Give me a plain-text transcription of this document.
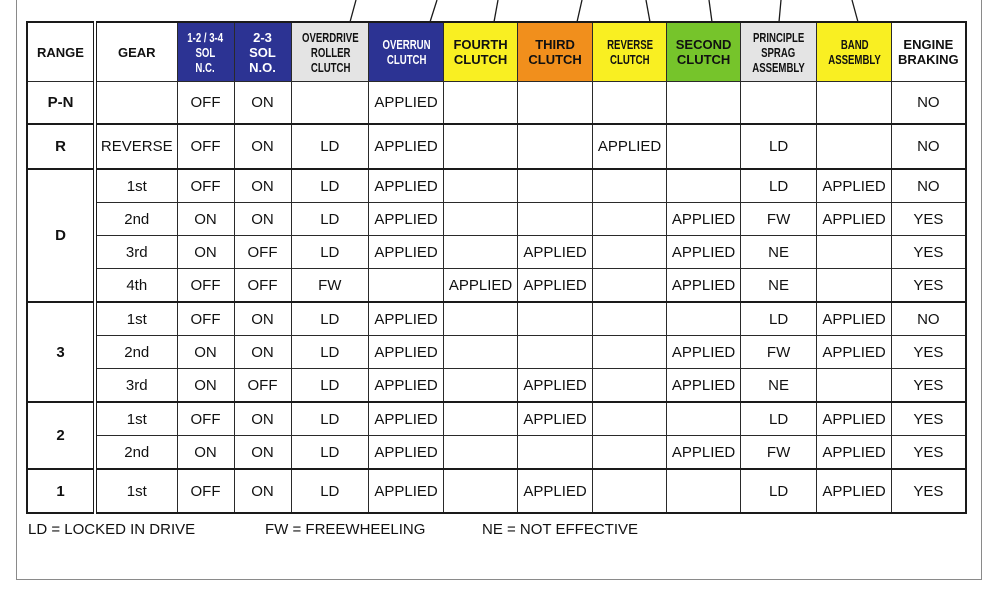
RANGE	GEAR	1-2 / 3-4
SOL
N.C.	2-3
SOL
N.O.	OVERDRIVE
ROLLER
CLUTCH	OVERRUN
CLUTCH	FOURTH
CLUTCH	THIRD
CLUTCH	REVERSE
CLUTCH	SECOND
CLUTCH	PRINCIPLE
SPRAG
ASSEMBLY	BAND
ASSEMBLY	ENGINE
BRAKING
P-N		OFF	ON		APPLIED							NO
R	REVERSE	OFF	ON	LD	APPLIED			APPLIED		LD		NO
D	1st	OFF	ON	LD	APPLIED					LD	APPLIED	NO
	2nd	ON	ON	LD	APPLIED				APPLIED	FW	APPLIED	YES
	3rd	ON	OFF	LD	APPLIED		APPLIED		APPLIED	NE		YES
	4th	OFF	OFF	FW		APPLIED	APPLIED		APPLIED	NE		YES
3	1st	OFF	ON	LD	APPLIED					LD	APPLIED	NO
	2nd	ON	ON	LD	APPLIED				APPLIED	FW	APPLIED	YES
	3rd	ON	OFF	LD	APPLIED		APPLIED		APPLIED	NE		YES
2	1st	OFF	ON	LD	APPLIED		APPLIED			LD	APPLIED	YES
	2nd	ON	ON	LD	APPLIED				APPLIED	FW	APPLIED	YES
1	1st	OFF	ON	LD	APPLIED		APPLIED			LD	APPLIED	YES
LD = LOCKED IN DRIVE	FW = FREEWHEELING	NE = NOT EFFECTIVE
